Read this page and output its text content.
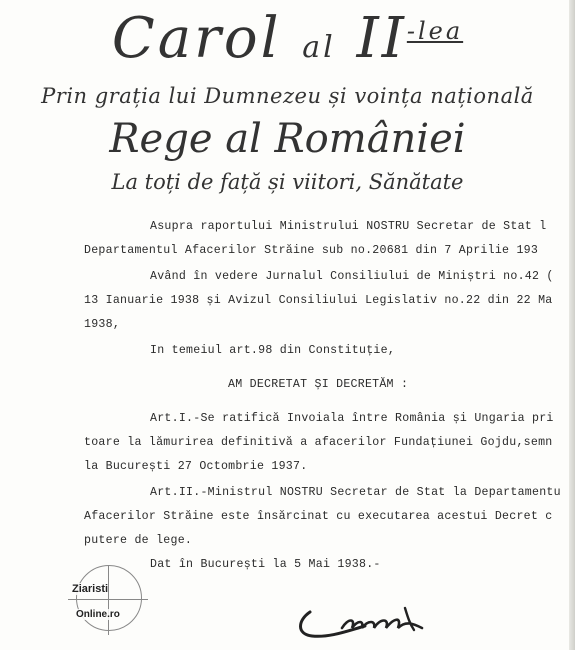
Carol al $II^{-lea}$
Prin grația lui Dumnezeu și voința națională
Rege al României
La toți de față și viitori, Sănătate
Asupra raportului Ministrului NOSTRU Secretar de Stat l
Departamentul Afacerilor Străine sub no.20681 din 7 Aprilie 193
Având în vedere Jurnalul Consiliului de Miniștri no.42 (
13 Ianuarie 1938 și Avizul Consiliului Legislativ no.22 din 22 Ma
1938,
In temeiul art.98 din Constituție,
AM DECRETAT ȘI DECRETĂM :
Art.I.-Se ratifică Invoiala între România și Ungaria pri
toare la lămurirea definitivă a afacerilor Fundațiunei Gojdu,semn
la București 27 Octombrie 1937.
Art.II.-Ministrul NOSTRU Secretar de Stat la Departamentu
Afacerilor Străine este însărcinat cu executarea acestui Decret c
putere de lege.
Dat în București la 5 Mai 1938.-
Ziaristi
Online.ro
